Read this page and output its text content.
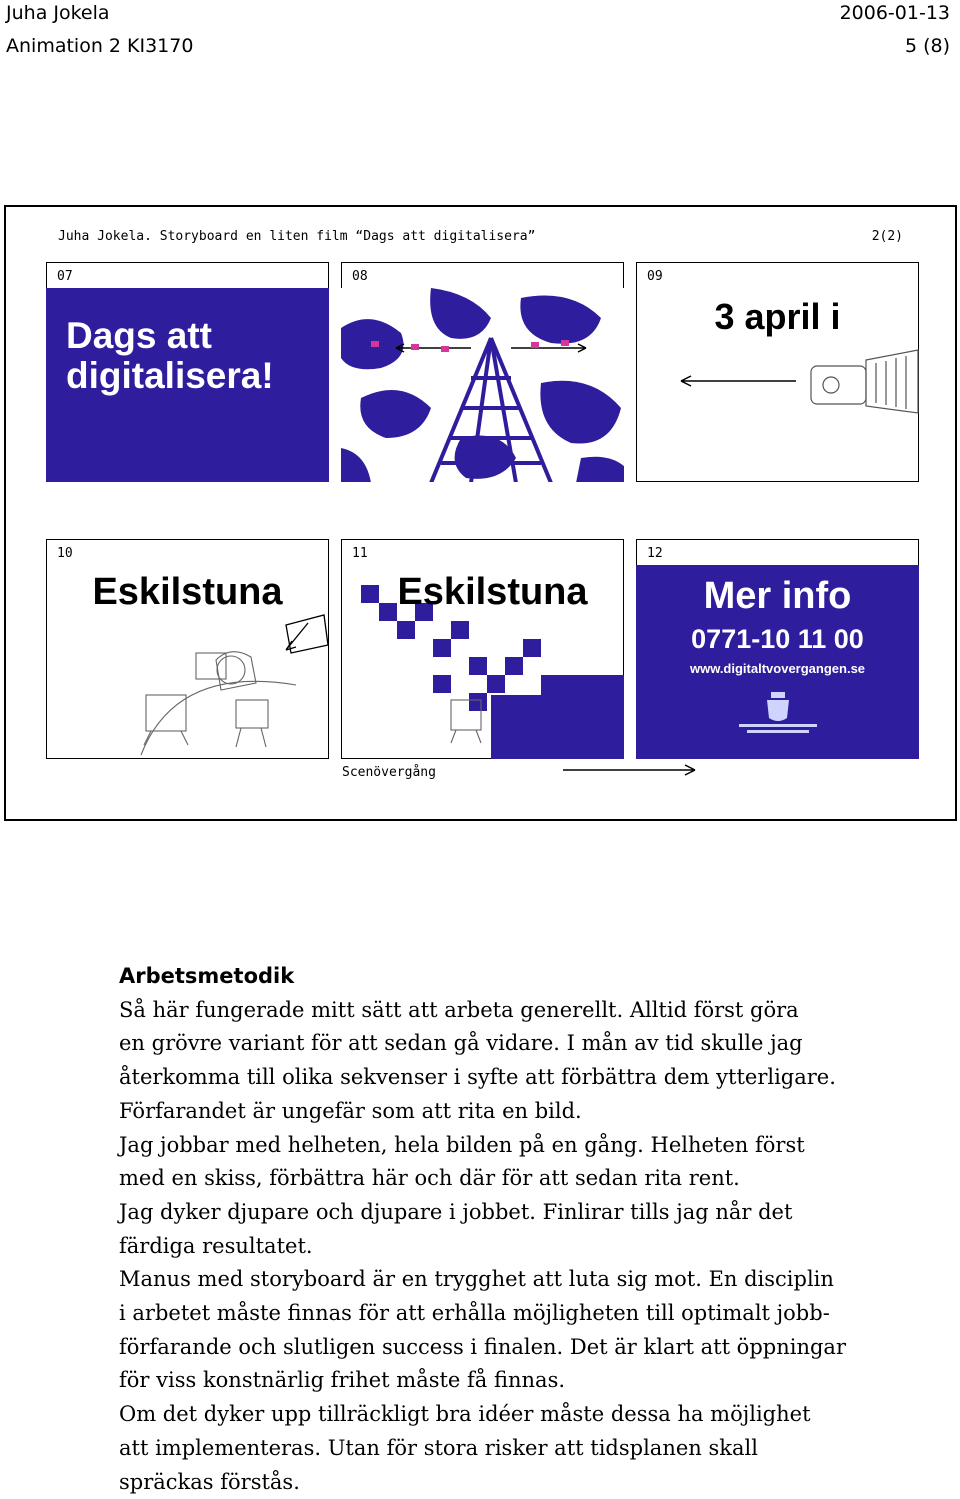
Juha Jokela	2006-01-13
Animation 2 KI3170	5 (8)
Juha Jokela. Storyboard en liten film “Dags att digitalisera”	2(2)
07
Dags att digitalisera!
08	09
3 april i
10
Eskilstuna
11
Eskilstuna
12
Mer info
0771-10 11 00
www.digitaltvovergangen.se
Scenövergång
Arbetsmetodik
Så här fungerade mitt sätt att arbeta generellt. Alltid först göra
en grövre variant för att sedan gå vidare. I mån av tid skulle jag
återkomma till olika sekvenser i syfte att förbättra dem ytterligare.
Förfarandet är ungefär som att rita en bild.
Jag jobbar med helheten, hela bilden på en gång. Helheten först
med en skiss, förbättra här och där för att sedan rita rent.
Jag dyker djupare och djupare i jobbet. Finlirar tills jag når det
färdiga resultatet.
Manus med storyboard är en trygghet att luta sig mot. En disciplin
i arbetet måste finnas för att erhålla möjligheten till optimalt jobb-
förfarande och slutligen success i finalen. Det är klart att öppningar
för viss konstnärlig frihet måste få finnas.
Om det dyker upp tillräckligt bra idéer måste dessa ha möjlighet
att implementeras. Utan för stora risker att tidsplanen skall
spräckas förstås.
